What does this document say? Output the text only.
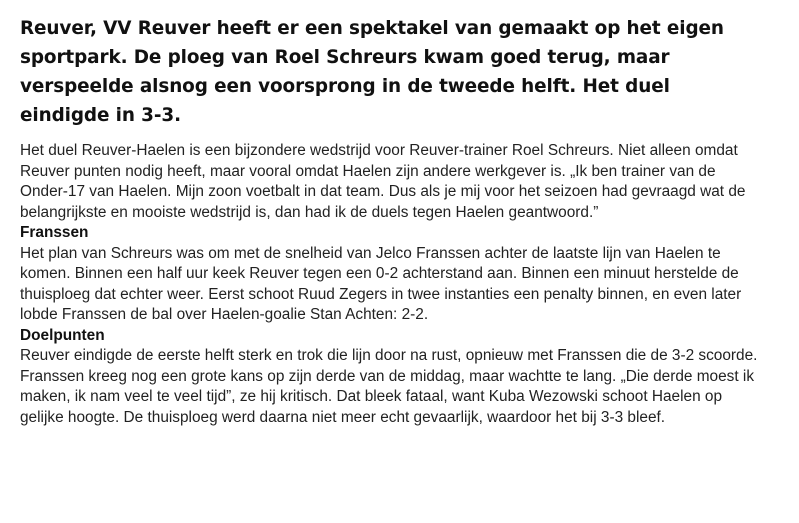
Reuver, VV Reuver heeft er een spektakel van gemaakt op het eigen sportpark. De ploeg van Roel Schreurs kwam goed terug, maar verspeelde alsnog een voorsprong in de tweede helft. Het duel eindigde in 3-3.

Het duel Reuver-Haelen is een bijzondere wedstrijd voor Reuver-trainer Roel Schreurs. Niet alleen omdat Reuver punten nodig heeft, maar vooral omdat Haelen zijn andere werkgever is. „Ik ben trainer van de Onder-17 van Haelen. Mijn zoon voetbalt in dat team. Dus als je mij voor het seizoen had gevraagd wat de belangrijkste en mooiste wedstrijd is, dan had ik de duels tegen Haelen geantwoord.”

Franssen

Het plan van Schreurs was om met de snelheid van Jelco Franssen achter de laatste lijn van Haelen te komen. Binnen een half uur keek Reuver tegen een 0-2 achterstand aan. Binnen een minuut herstelde de thuisploeg dat echter weer. Eerst schoot Ruud Zegers in twee instanties een penalty binnen, en even later lobde Franssen de bal over Haelen-goalie Stan Achten: 2-2.

Doelpunten

Reuver eindigde de eerste helft sterk en trok die lijn door na rust, opnieuw met Franssen die de 3-2 scoorde. Franssen kreeg nog een grote kans op zijn derde van de middag, maar wachtte te lang. „Die derde moest ik maken, ik nam veel te veel tijd”, ze hij kritisch. Dat bleek fataal, want Kuba Wezowski schoot Haelen op gelijke hoogte. De thuisploeg werd daarna niet meer echt gevaarlijk, waardoor het bij 3-3 bleef.
